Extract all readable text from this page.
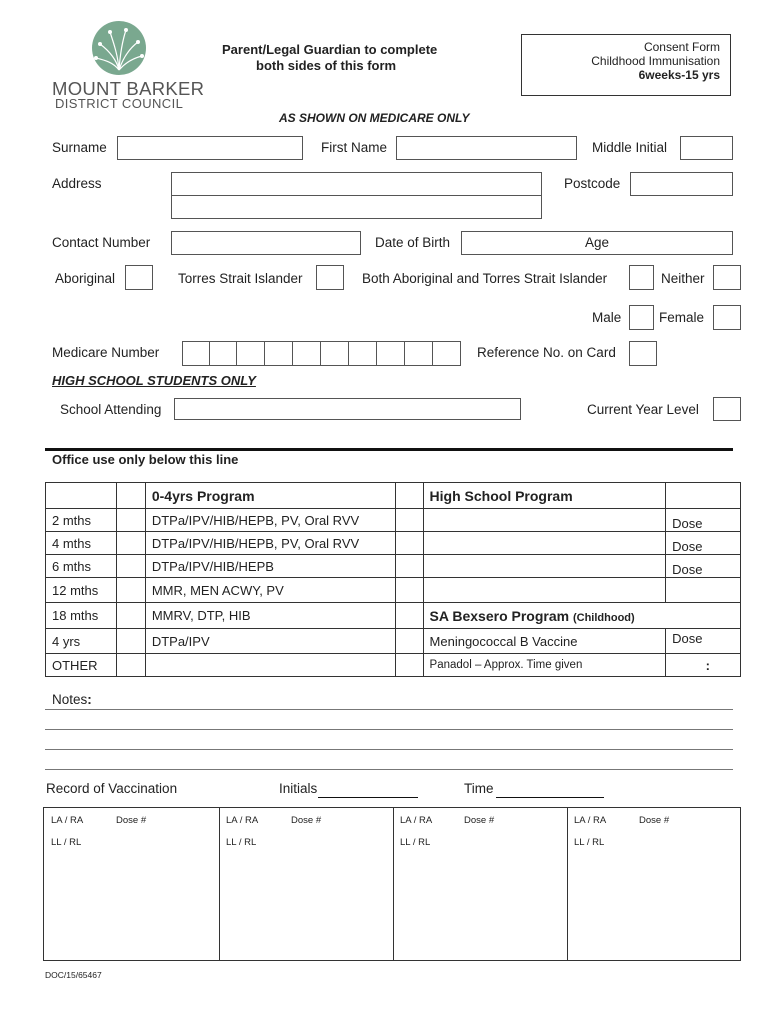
MOUNT BARKER
DISTRICT COUNCIL
Parent/Legal Guardian to complete
both sides of this form
Consent Form
Childhood Immunisation
6weeks-15 yrs
AS SHOWN ON MEDICARE ONLY
Surname	First Name	Middle Initial
Address	Postcode
Contact Number	Date of Birth	Age
Aboriginal	Torres Strait Islander	Both Aboriginal and Torres Strait Islander	Neither
Male	Female
Medicare Number	Reference No. on Card
HIGH SCHOOL STUDENTS ONLY
School Attending	Current Year Level
Office use only below this line
		0-4yrs Program		High School Program	
2 mths		DTPa/IPV/HIB/HEPB, PV, Oral RVV			Dose
4 mths		DTPa/IPV/HIB/HEPB, PV, Oral RVV			Dose
6 mths		DTPa/IPV/HIB/HEPB			Dose
12 mths		MMR, MEN ACWY, PV			
18 mths		MMRV, DTP, HIB		SA Bexsero Program (Childhood)	
4 yrs		DTPa/IPV		Meningococcal B Vaccine	Dose
OTHER				Panadol – Approx. Time given	:
Notes:
Record of Vaccination	Initials	Time
LA / RA	Dose #
LL / RL
LA / RA	Dose #
LL / RL
LA / RA	Dose #
LL / RL
LA / RA	Dose #
LL / RL
DOC/15/65467
